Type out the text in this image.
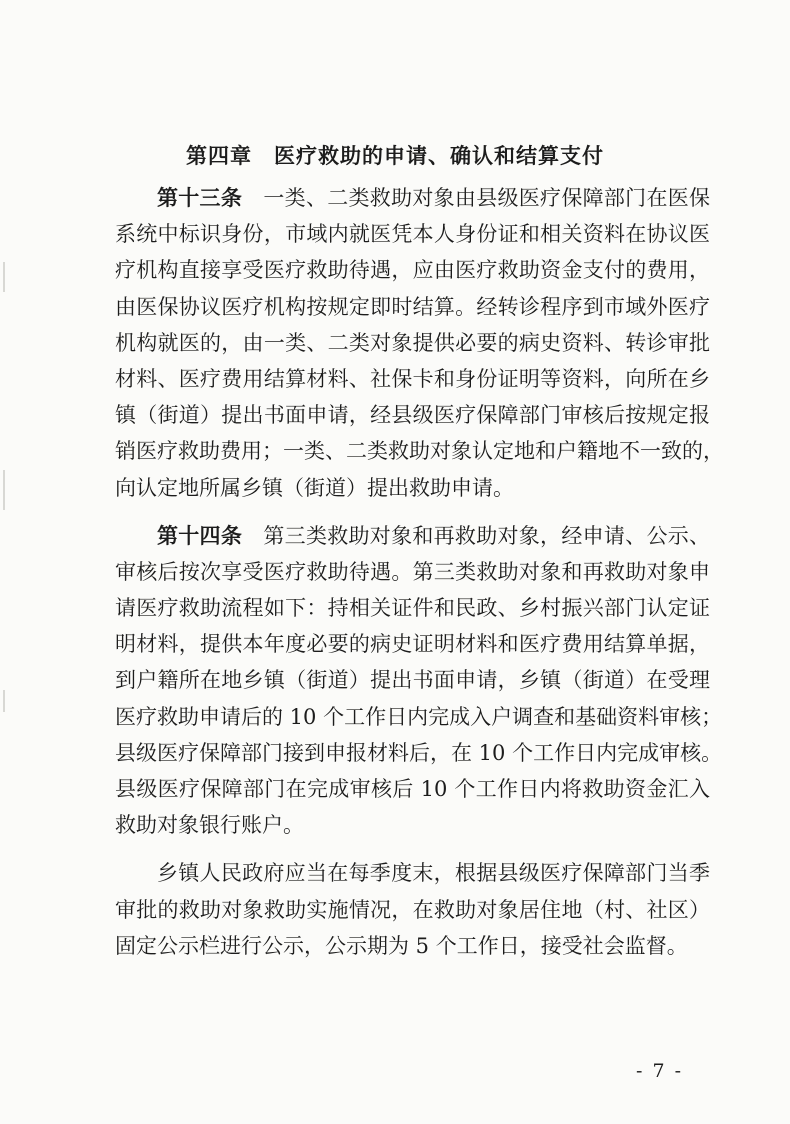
第四章　医疗救助的申请、确认和结算支付
第十三条　 一类、二类救助对象由县级医疗保障部门在医保
系统中标识身份，市域内就医凭本人身份证和相关资料在协议医
疗机构直接享受医疗救助待遇，应由医疗救助资金支付的费用，
由医保协议医疗机构按规定即时结算。经转诊程序到市域外医疗
机构就医的，由一类、二类对象提供必要的病史资料、转诊审批
材料、医疗费用结算材料、社保卡和身份证明等资料，向所在乡
镇（街道）提出书面申请，经县级医疗保障部门审核后按规定报
销医疗救助费用；一类、二类救助对象认定地和户籍地不一致的，
向认定地所属乡镇（街道）提出救助申请。
第十四条　 第三类救助对象和再救助对象，经申请、公示、
审核后按次享受医疗救助待遇。第三类救助对象和再救助对象申
请医疗救助流程如下：持相关证件和民政、乡村振兴部门认定证
明材料，提供本年度必要的病史证明材料和医疗费用结算单据，
到户籍所在地乡镇（街道）提出书面申请，乡镇（街道）在受理
医疗救助申请后的 10 个工作日内完成入户调查和基础资料审核；
县级医疗保障部门接到申报材料后，在 10 个工作日内完成审核。
县级医疗保障部门在完成审核后 10 个工作日内将救助资金汇入
救助对象银行账户。
乡镇人民政府应当在每季度末，根据县级医疗保障部门当季
审批的救助对象救助实施情况，在救助对象居住地（村、社区）
固定公示栏进行公示，公示期为 5 个工作日，接受社会监督。
- 7 -
